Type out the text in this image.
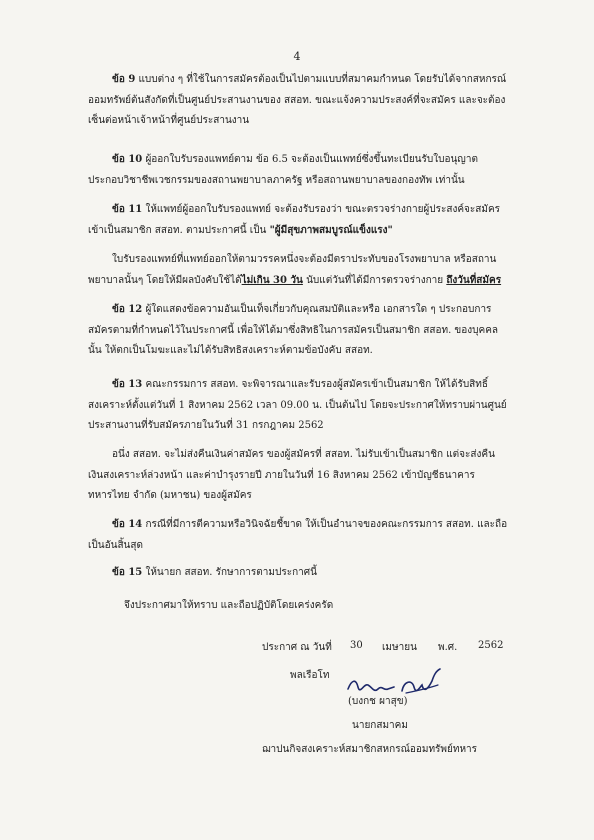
4
ข้อ 9 แบบต่าง ๆ ที่ใช้ในการสมัครต้องเป็นไปตามแบบที่สมาคมกำหนด โดยรับได้จากสหกรณ์ออมทรัพย์ต้นสังกัดที่เป็นศูนย์ประสานงานของ สสอท. ขณะแจ้งความประสงค์ที่จะสมัคร และจะต้องเซ็นต่อหน้าเจ้าหน้าที่ศูนย์ประสานงาน
ข้อ 10 ผู้ออกใบรับรองแพทย์ตาม ข้อ 6.5 จะต้องเป็นแพทย์ซึ่งขึ้นทะเบียนรับใบอนุญาต ประกอบวิชาชีพเวชกรรมของสถานพยาบาลภาครัฐ หรือสถานพยาบาลของกองทัพ เท่านั้น
ข้อ 11 ให้แพทย์ผู้ออกใบรับรองแพทย์ จะต้องรับรองว่า ขณะตรวจร่างกายผู้ประสงค์จะสมัคร เข้าเป็นสมาชิก สสอท. ตามประกาศนี้ เป็น "ผู้มีสุขภาพสมบูรณ์แข็งแรง"
ใบรับรองแพทย์ที่แพทย์ออกให้ตามวรรคหนึ่งจะต้องมีตราประทับของโรงพยาบาล หรือสถานพยาบาลนั้นๆ โดยให้มีผลบังคับใช้ได้ไม่เกิน 30 วัน นับแต่วันที่ได้มีการตรวจร่างกาย ถึงวันที่สมัคร
ข้อ 12 ผู้ใดแสดงข้อความอันเป็นเท็จเกี่ยวกับคุณสมบัติและหรือ เอกสารใด ๆ ประกอบการสมัครตามที่กำหนดไว้ในประกาศนี้ เพื่อให้ได้มาซึ่งสิทธิในการสมัครเป็นสมาชิก สสอท. ของบุคคลนั้น ให้ตกเป็นโมฆะและไม่ได้รับสิทธิสงเคราะห์ตามข้อบังคับ สสอท.
ข้อ 13 คณะกรรมการ สสอท. จะพิจารณาและรับรองผู้สมัครเข้าเป็นสมาชิก ให้ได้รับสิทธิ์สงเคราะห์ตั้งแต่วันที่ 1 สิงหาคม 2562 เวลา 09.00 น. เป็นต้นไป โดยจะประกาศให้ทราบผ่านศูนย์ประสานงานที่รับสมัครภายในวันที่ 31 กรกฎาคม 2562
อนึ่ง สสอท. จะไม่ส่งคืนเงินค่าสมัคร ของผู้สมัครที่ สสอท. ไม่รับเข้าเป็นสมาชิก แต่จะส่งคืนเงินสงเคราะห์ล่วงหน้า และค่าบำรุงรายปี ภายในวันที่ 16 สิงหาคม 2562 เข้าบัญชีธนาคารทหารไทย จำกัด (มหาชน) ของผู้สมัคร
ข้อ 14 กรณีที่มีการตีความหรือวินิจฉัยชี้ขาด ให้เป็นอำนาจของคณะกรรมการ สสอท. และถือเป็นอันสิ้นสุด
ข้อ 15 ให้นายก สสอท. รักษาการตามประกาศนี้
จึงประกาศมาให้ทราบ และถือปฏิบัติโดยเคร่งครัด
ประกาศ ณ วันที่ 30 เมษายน พ.ศ. 2562
พลเรือโท
(บงกช ผาสุข)
นายกสมาคม
ฌาปนกิจสงเคราะห์สมาชิกสหกรณ์ออมทรัพย์ทหาร
